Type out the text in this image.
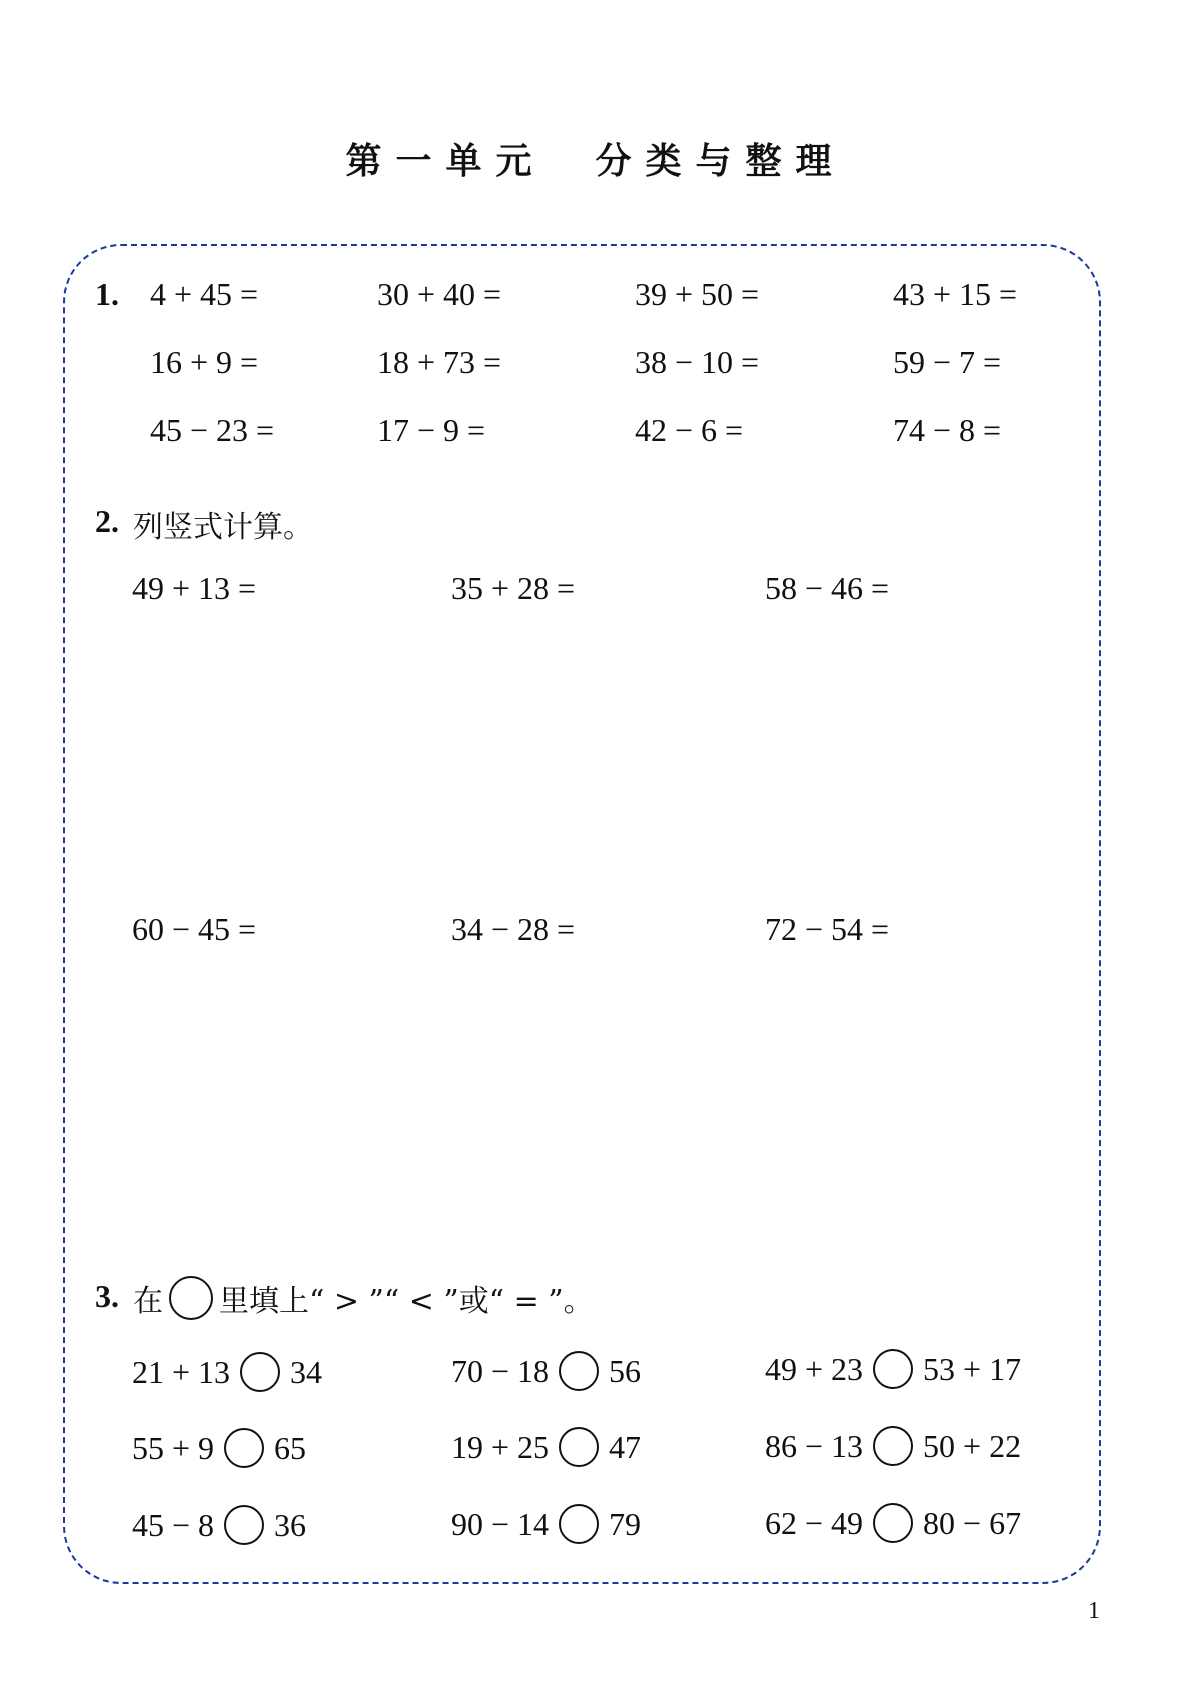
第一单元　分类与整理
1. 4 + 45 =	30 + 40 =	39 + 50 =	43 + 15 =
16 + 9 =	18 + 73 =	38 − 10 =	59 − 7 =
45 − 23 =	17 − 9 =	42 − 6 =	74 − 8 =
2. 列竖式计算。
49 + 13 =	35 + 28 =	58 − 46 =
60 − 45 =	34 − 28 =	72 − 54 =
3. 在 里填上“ > ”“ < ”或“ = ”。
21 + 13 34	70 − 18 56	49 + 23 53 + 17
55 + 9 65	19 + 25 47	86 − 13 50 + 22
45 − 8 36	90 − 14 79	62 − 49 80 − 67
1
